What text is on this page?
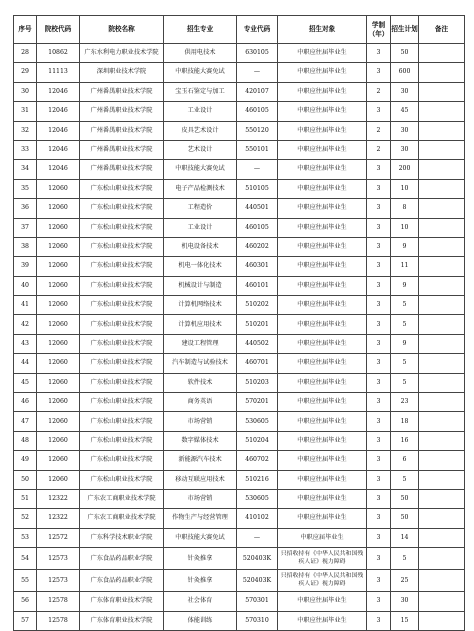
序号	院校代码	院校名称	招生专业	专业代码	招生对象	学制（年）	招生计划	备注
28	10862	广东水利电力职业技术学院	供用电技术	630105	中职应往届毕业生	3	50	
29	11113	深圳职业技术学院	中职技能大赛免试	—	中职应往届毕业生	3	600	
30	12046	广州番禺职业技术学院	宝玉石鉴定与加工	420107	中职应往届毕业生	2	30	
31	12046	广州番禺职业技术学院	工业设计	460105	中职应往届毕业生	3	45	
32	12046	广州番禺职业技术学院	皮具艺术设计	550120	中职应往届毕业生	2	30	
33	12046	广州番禺职业技术学院	艺术设计	550101	中职应往届毕业生	2	30	
34	12046	广州番禺职业技术学院	中职技能大赛免试	—	中职应往届毕业生	3	200	
35	12060	广东松山职业技术学院	电子产品检测技术	510105	中职应往届毕业生	3	10	
36	12060	广东松山职业技术学院	工程造价	440501	中职应往届毕业生	3	8	
37	12060	广东松山职业技术学院	工业设计	460105	中职应往届毕业生	3	10	
38	12060	广东松山职业技术学院	机电设备技术	460202	中职应往届毕业生	3	9	
39	12060	广东松山职业技术学院	机电一体化技术	460301	中职应往届毕业生	3	11	
40	12060	广东松山职业技术学院	机械设计与制造	460101	中职应往届毕业生	3	9	
41	12060	广东松山职业技术学院	计算机网络技术	510202	中职应往届毕业生	3	5	
42	12060	广东松山职业技术学院	计算机应用技术	510201	中职应往届毕业生	3	5	
43	12060	广东松山职业技术学院	建设工程管理	440502	中职应往届毕业生	3	9	
44	12060	广东松山职业技术学院	汽车制造与试验技术	460701	中职应往届毕业生	3	5	
45	12060	广东松山职业技术学院	软件技术	510203	中职应往届毕业生	3	5	
46	12060	广东松山职业技术学院	商务英语	570201	中职应往届毕业生	3	23	
47	12060	广东松山职业技术学院	市场营销	530605	中职应往届毕业生	3	18	
48	12060	广东松山职业技术学院	数字媒体技术	510204	中职应往届毕业生	3	16	
49	12060	广东松山职业技术学院	新能源汽车技术	460702	中职应往届毕业生	3	6	
50	12060	广东松山职业技术学院	移动互联应用技术	510216	中职应往届毕业生	3	5	
51	12322	广东农工商职业技术学院	市场营销	530605	中职应往届毕业生	3	50	
52	12322	广东农工商职业技术学院	作物生产与经营管理	410102	中职应往届毕业生	3	50	
53	12572	广东科学技术职业学院	中职技能大赛免试	—	中职应届毕业生	3	14	
54	12573	广东食品药品职业学院	针灸推拿	520403K	只招收持有《中华人民共和国残疾人证》视力障碍	3	5	
55	12573	广东食品药品职业学院	针灸推拿	520403K	只招收持有《中华人民共和国残疾人证》视力障碍	3	25	
56	12578	广东体育职业技术学院	社会体育	570301	中职应往届毕业生	3	30	
57	12578	广东体育职业技术学院	体能训练	570310	中职应往届毕业生	3	15	
